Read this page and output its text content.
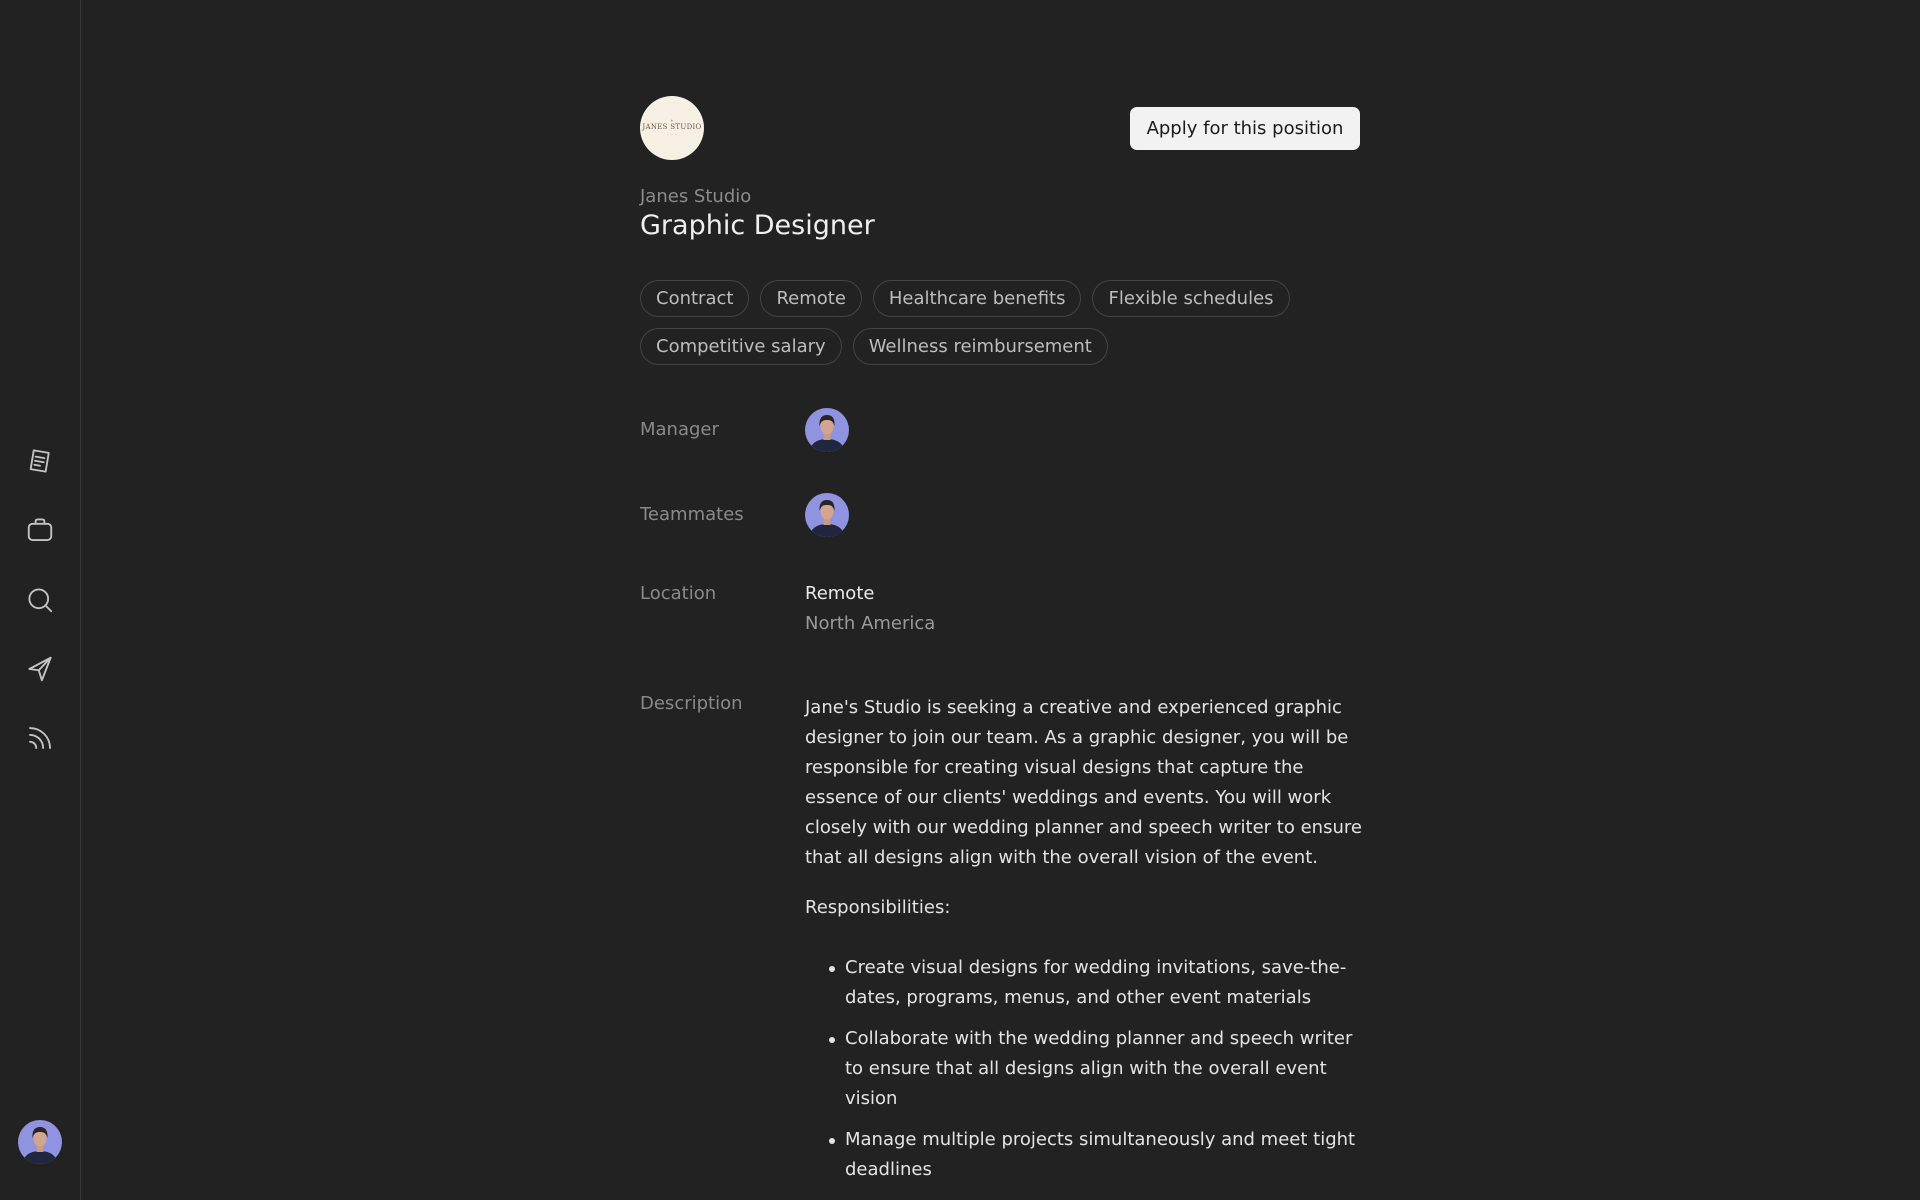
✦
JANES STUDIO
~ ~ ~	Apply for this position
Janes Studio
Graphic Designer
Contract	Remote	Healthcare benefits	Flexible schedules
Competitive salary	Wellness reimbursement
Manager
Teammates
Location	Remote
North America
Description	Jane's Studio is seeking a creative and experienced graphic designer to join our team. As a graphic designer, you will be responsible for creating visual designs that capture the essence of our clients' weddings and events. You will work closely with our wedding planner and speech writer to ensure that all designs align with the overall vision of the event.

Responsibilities:
Create visual designs for wedding invitations, save-the-dates, programs, menus, and other event materials
Collaborate with the wedding planner and speech writer to ensure that all designs align with the overall event vision
Manage multiple projects simultaneously and meet tight deadlines
